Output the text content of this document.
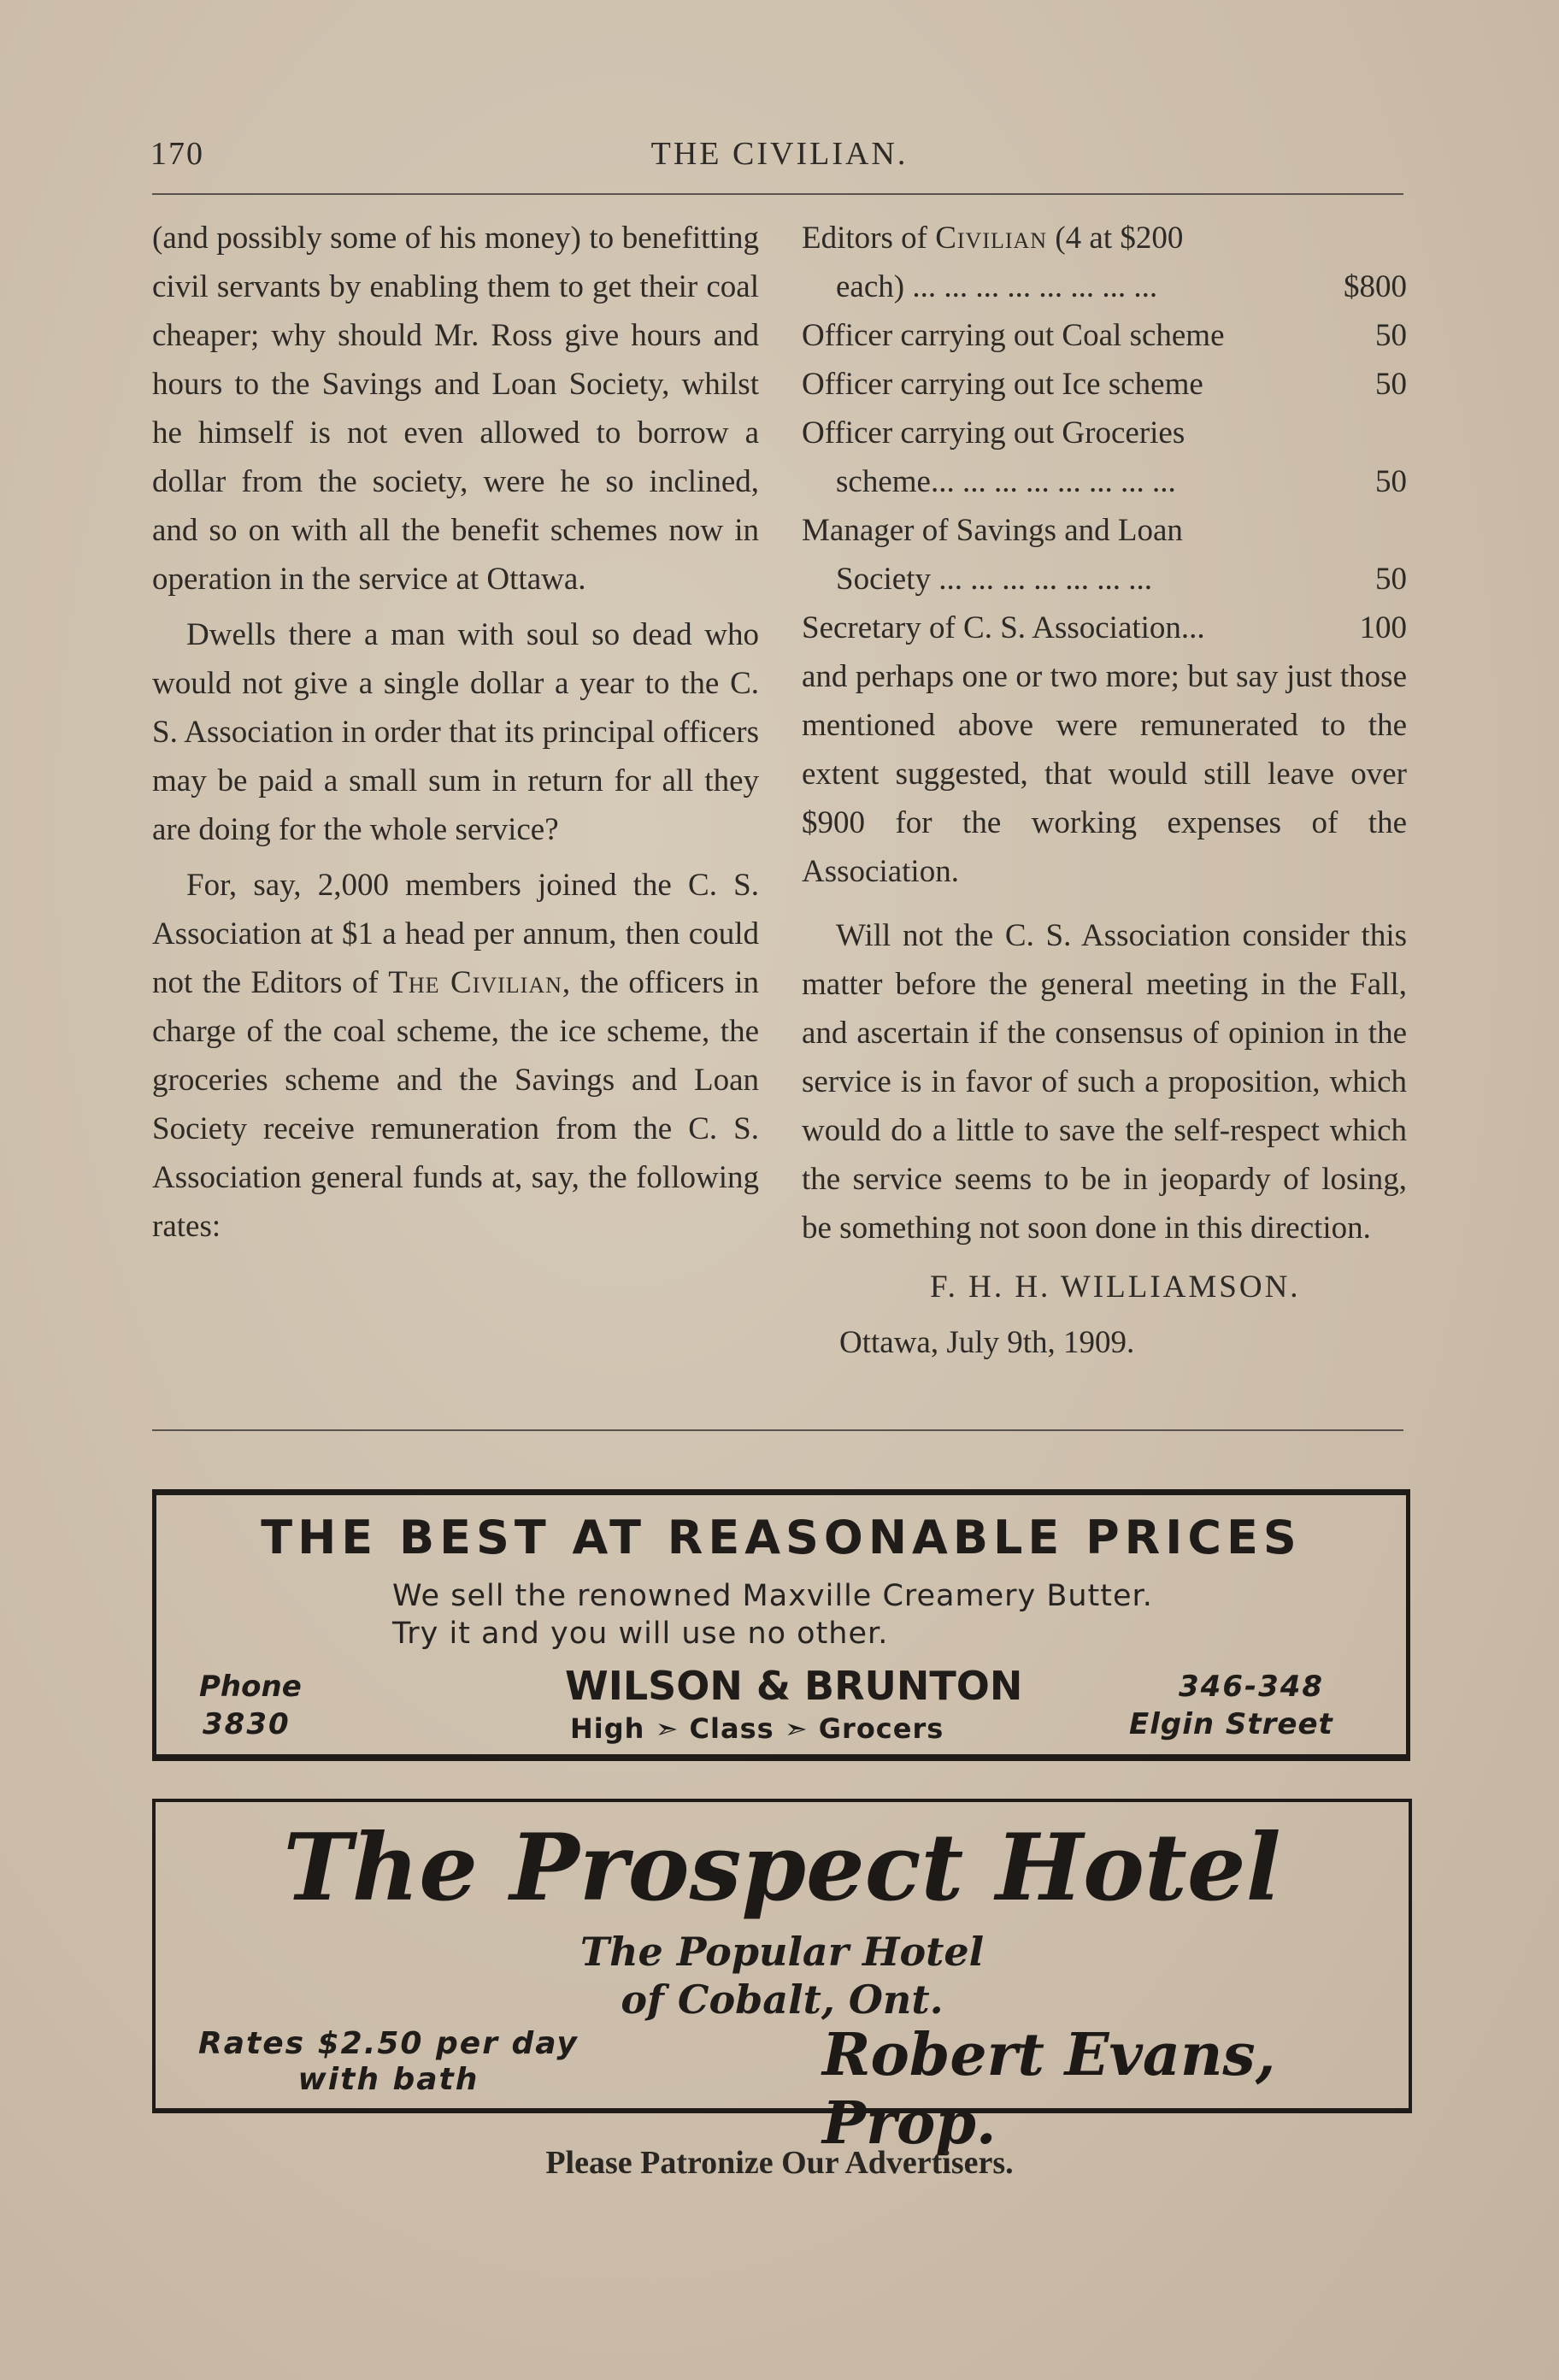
170	THE CIVILIAN.

(and possibly some of his money) to benefitting civil servants by enabling them to get their coal cheaper; why should Mr. Ross give hours and hours to the Savings and Loan Society, whilst he himself is not even allowed to borrow a dollar from the society, were he so inclined, and so on with all the benefit schemes now in operation in the service at Ottawa.

Dwells there a man with soul so dead who would not give a single dollar a year to the C. S. Association in order that its principal officers may be paid a small sum in return for all they are doing for the whole service?

For, say, 2,000 members joined the C. S. Association at $1 a head per annum, then could not the Editors of The Civilian, the officers in charge of the coal scheme, the ice scheme, the groceries scheme and the Savings and Loan Society receive remuneration from the C. S. Association general funds at, say, the following rates:

Editors of Civilian (4 at $200
each) ... ... ... ... ... ... ... ...	$800
Officer carrying out Coal scheme	50
Officer carrying out Ice scheme	50
Officer carrying out Groceries
scheme... ... ... ... ... ... ... ...	50
Manager of Savings and Loan
Society ... ... ... ... ... ... ...	50
Secretary of C. S. Association...	100

and perhaps one or two more; but say just those mentioned above were remunerated to the extent suggested, that would still leave over $900 for the working expenses of the Association.

Will not the C. S. Association consider this matter before the general meeting in the Fall, and ascertain if the consensus of opinion in the service is in favor of such a proposition, which would do a little to save the self-respect which the service seems to be in jeopardy of losing, be something not soon done in this direction.

F. H. H. WILLIAMSON.

Ottawa, July 9th, 1909.

THE BEST AT REASONABLE PRICES
We sell the renowned Maxville Creamery Butter.
Try it and you will use no other.
Phone
3830
WILSON & BRUNTON
High ➣ Class ➣ Grocers
346-348
Elgin Street
The Prospect Hotel
The Popular Hotel
of Cobalt, Ont.
Rates $2.50 per day
with bath	Robert Evans, Prop.
Please Patronize Our Advertisers.
